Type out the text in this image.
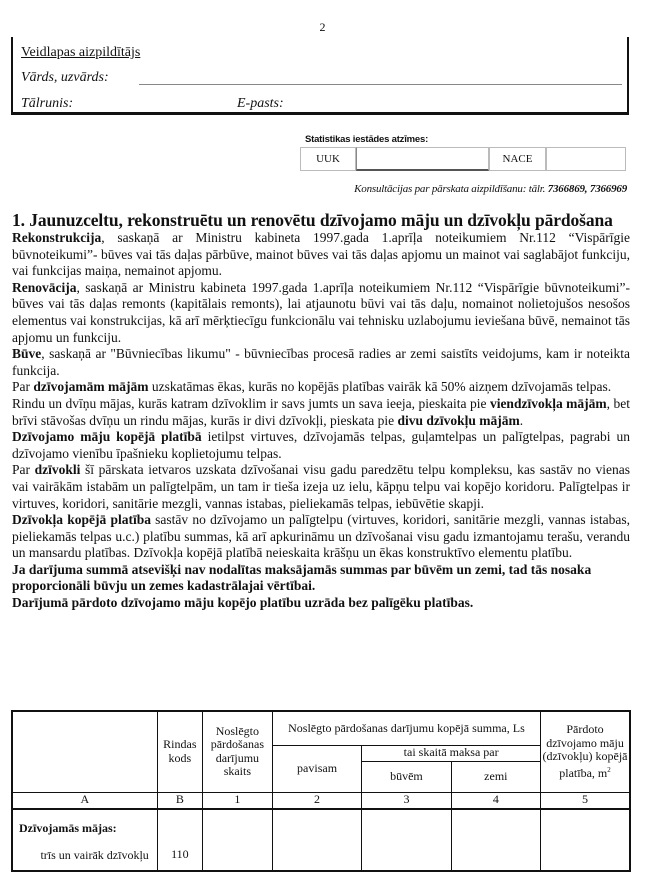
2
Veidlapas aizpildītājs
Vārds, uzvārds:
Tālrunis:	E-pasts:
Statistikas iestādes atzīmes:
UUK	NACE
Konsultācijas par pārskata aizpildīšanu: tālr. 7366869, 7366969
1. Jaunuzceltu, rekonstruētu un renovētu dzīvojamo māju un dzīvokļu pārdošana

Rekonstrukcija, saskaņā ar Ministru kabineta 1997.gada 1.aprīļa noteikumiem Nr.112 “Vispārīgie būvnoteikumi”- būves vai tās daļas pārbūve, mainot būves vai tās daļas apjomu un mainot vai saglabājot funkciju, vai funkcijas maiņa, nemainot apjomu.

Renovācija, saskaņā ar Ministru kabineta 1997.gada 1.aprīļa noteikumiem Nr.112 “Vispārīgie būvnoteikumi”- būves vai tās daļas remonts (kapitālais remonts), lai atjaunotu būvi vai tās daļu, nomainot nolietojušos nesošos elementus vai konstrukcijas, kā arī mērķtiecīgu funkcionālu vai tehnisku uzlabojumu ieviešana būvē, nemainot tās apjomu un funkciju.

Būve, saskaņā ar "Būvniecības likumu" - būvniecības procesā radies ar zemi saistīts veidojums, kam ir noteikta funkcija.

Par dzīvojamām mājām uzskatāmas ēkas, kurās no kopējās platības vairāk kā 50% aizņem dzīvojamās telpas.

Rindu un dvīņu mājas, kurās katram dzīvoklim ir savs jumts un sava ieeja, pieskaita pie viendzīvokļa mājām, bet brīvi stāvošas dvīņu un rindu mājas, kurās ir divi dzīvokļi, pieskata pie divu dzīvokļu mājām.

Dzīvojamo māju kopējā platībā ietilpst virtuves, dzīvojamās telpas, guļamtelpas un palīgtelpas, pagrabi un dzīvojamo vienību īpašnieku koplietojumu telpas.

Par dzīvokli šī pārskata ietvaros uzskata dzīvošanai visu gadu paredzētu telpu kompleksu, kas sastāv no vienas vai vairākām istabām un palīgtelpām, un tam ir tieša izeja uz ielu, kāpņu telpu vai kopējo koridoru. Palīgtelpas ir virtuves, koridori, sanitārie mezgli, vannas istabas, pieliekamās telpas, iebūvētie skapji.

Dzīvokļa kopējā platība sastāv no dzīvojamo un palīgtelpu (virtuves, koridori, sanitārie mezgli, vannas istabas, pieliekamās telpas u.c.) platību summas, kā arī apkurināmu un dzīvošanai visu gadu izmantojamu terašu, verandu un mansardu platības. Dzīvokļa kopējā platībā neieskaita krāšņu un ēkas konstruktīvo elementu platību.

Ja darījuma summā atsevišķi nav nodalītas maksājamās summas par būvēm un zemi, tad tās nosaka proporcionāli būvju un zemes kadastrālajai vērtībai.

Darījumā pārdoto dzīvojamo māju kopējo platību uzrāda bez palīgēku platības.

	Rindas kods	Noslēgto pārdošanas darījumu skaits	Noslēgto pārdošanas darījumu kopējā summa, Ls			Pārdoto dzīvojamo māju (dzīvokļu) kopējā platība, $m^2$
			pavisam	tai skaitā maksa par		
				būvēm	zemi	
A	B	1	2	3	4	5

Dzīvojamās mājas:
trīs un vairāk dzīvokļu	110					
